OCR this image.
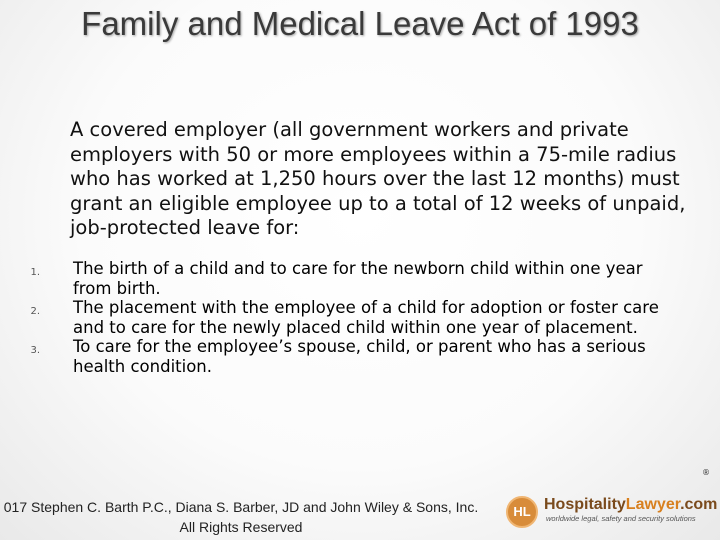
Family and Medical Leave Act of 1993

A covered employer (all government workers and private employers with 50 or more employees within a 75-mile radius who has worked at 1,250 hours over the last 12 months) must grant an eligible employee up to a total of 12 weeks of unpaid, job-protected leave for:

1. The birth of a child and to care for the newborn child within one year from birth.
2. The placement with the employee of a child for adoption or foster care and to care for the newly placed child within one year of placement.
3. To care for the employee’s spouse, child, or parent who has a serious health condition.
017 Stephen C. Barth P.C., Diana S. Barber, JD and John Wiley & Sons, Inc.
All Rights Reserved
HL HospitalityLawyer.com
worldwide legal, safety and security solutions
®
